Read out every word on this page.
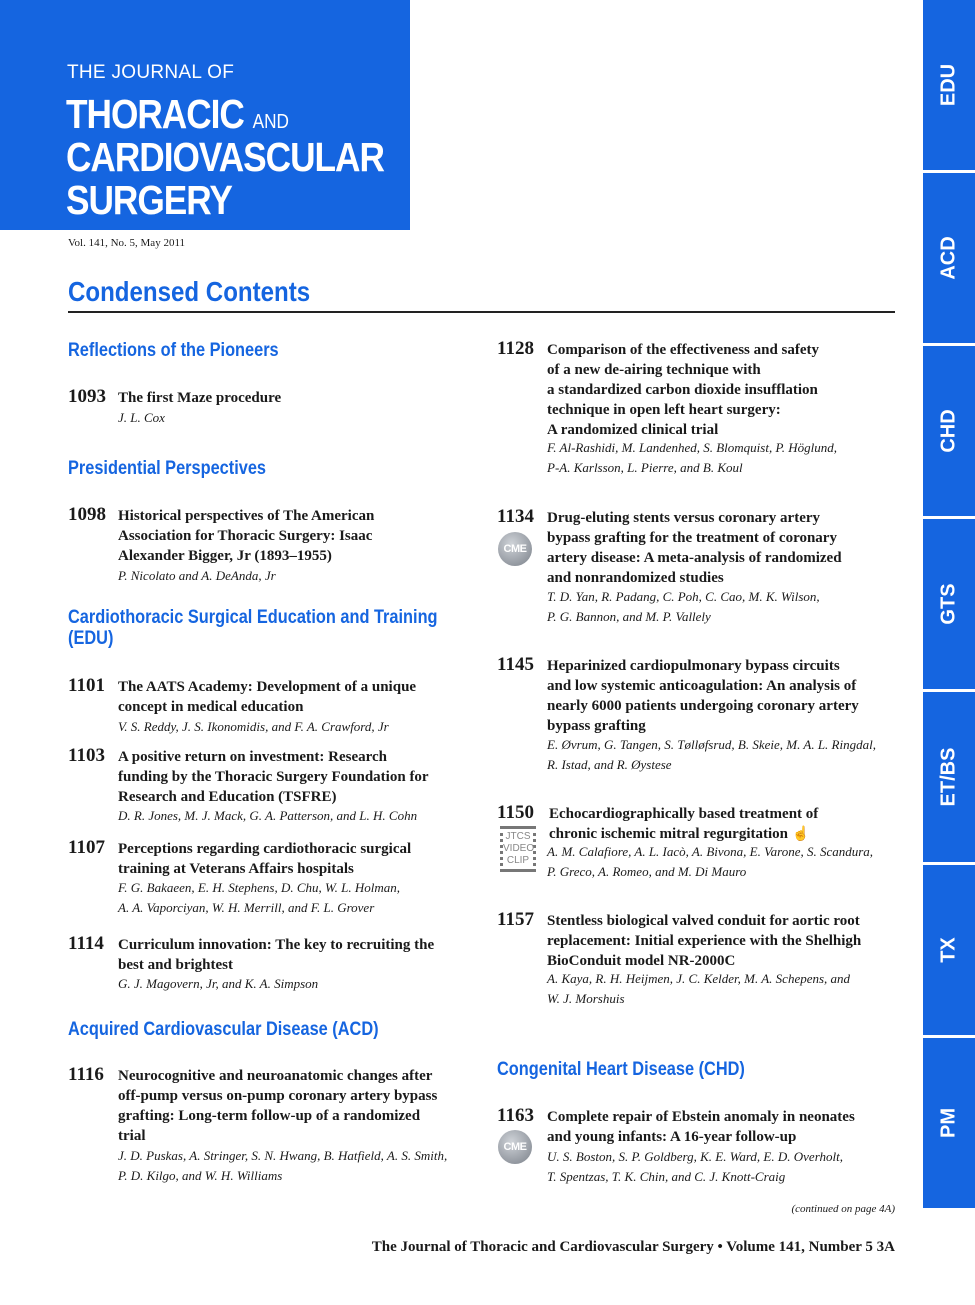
THE JOURNAL OF
THORACIC AND
CARDIOVASCULAR
SURGERY
Vol. 141, No. 5, May 2011
Condensed Contents
Reflections of the Pioneers
1093 The first Maze procedure
J. L. Cox
Presidential Perspectives
1098 Historical perspectives of The American
Association for Thoracic Surgery: Isaac
Alexander Bigger, Jr (1893–1955)
P. Nicolato and A. DeAnda, Jr
Cardiothoracic Surgical Education and Training (EDU)
1101 The AATS Academy: Development of a unique
concept in medical education
V. S. Reddy, J. S. Ikonomidis, and F. A. Crawford, Jr
1103 A positive return on investment: Research
funding by the Thoracic Surgery Foundation for
Research and Education (TSFRE)
D. R. Jones, M. J. Mack, G. A. Patterson, and L. H. Cohn
1107 Perceptions regarding cardiothoracic surgical
training at Veterans Affairs hospitals
F. G. Bakaeen, E. H. Stephens, D. Chu, W. L. Holman,
A. A. Vaporciyan, W. H. Merrill, and F. L. Grover
1114 Curriculum innovation: The key to recruiting the
best and brightest
G. J. Magovern, Jr, and K. A. Simpson
Acquired Cardiovascular Disease (ACD)
1116 Neurocognitive and neuroanatomic changes after
off-pump versus on-pump coronary artery bypass
grafting: Long-term follow-up of a randomized
trial
J. D. Puskas, A. Stringer, S. N. Hwang, B. Hatfield, A. S. Smith,
P. D. Kilgo, and W. H. Williams
1128 Comparison of the effectiveness and safety
of a new de-airing technique with
a standardized carbon dioxide insufflation
technique in open left heart surgery:
A randomized clinical trial
F. Al-Rashidi, M. Landenhed, S. Blomquist, P. Höglund,
P-A. Karlsson, L. Pierre, and B. Koul
1134
CME
Drug-eluting stents versus coronary artery
bypass grafting for the treatment of coronary
artery disease: A meta-analysis of randomized
and nonrandomized studies
T. D. Yan, R. Padang, C. Poh, C. Cao, M. K. Wilson,
P. G. Bannon, and M. P. Vallely
1145 Heparinized cardiopulmonary bypass circuits
and low systemic anticoagulation: An analysis of
nearly 6000 patients undergoing coronary artery
bypass grafting
E. Øvrum, G. Tangen, S. Tølløfsrud, B. Skeie, M. A. L. Ringdal,
R. Istad, and R. Øystese
1150
JTCS
VIDEO
CLIP
Echocardiographically based treatment of
chronic ischemic mitral regurgitation ☝
A. M. Calafiore, A. L. Iacò, A. Bivona, E. Varone, S. Scandura,
P. Greco, A. Romeo, and M. Di Mauro
1157 Stentless biological valved conduit for aortic root
replacement: Initial experience with the Shelhigh
BioConduit model NR-2000C
A. Kaya, R. H. Heijmen, J. C. Kelder, M. A. Schepens, and
W. J. Morshuis
Congenital Heart Disease (CHD)
1163
CME
Complete repair of Ebstein anomaly in neonates
and young infants: A 16-year follow-up
U. S. Boston, S. P. Goldberg, K. E. Ward, E. D. Overholt,
T. Spentzas, T. K. Chin, and C. J. Knott-Craig
EDU
ACD
CHD
GTS
ET/BS
TX
PM
(continued on page 4A)
The Journal of Thoracic and Cardiovascular Surgery • Volume 141, Number 5 3A
